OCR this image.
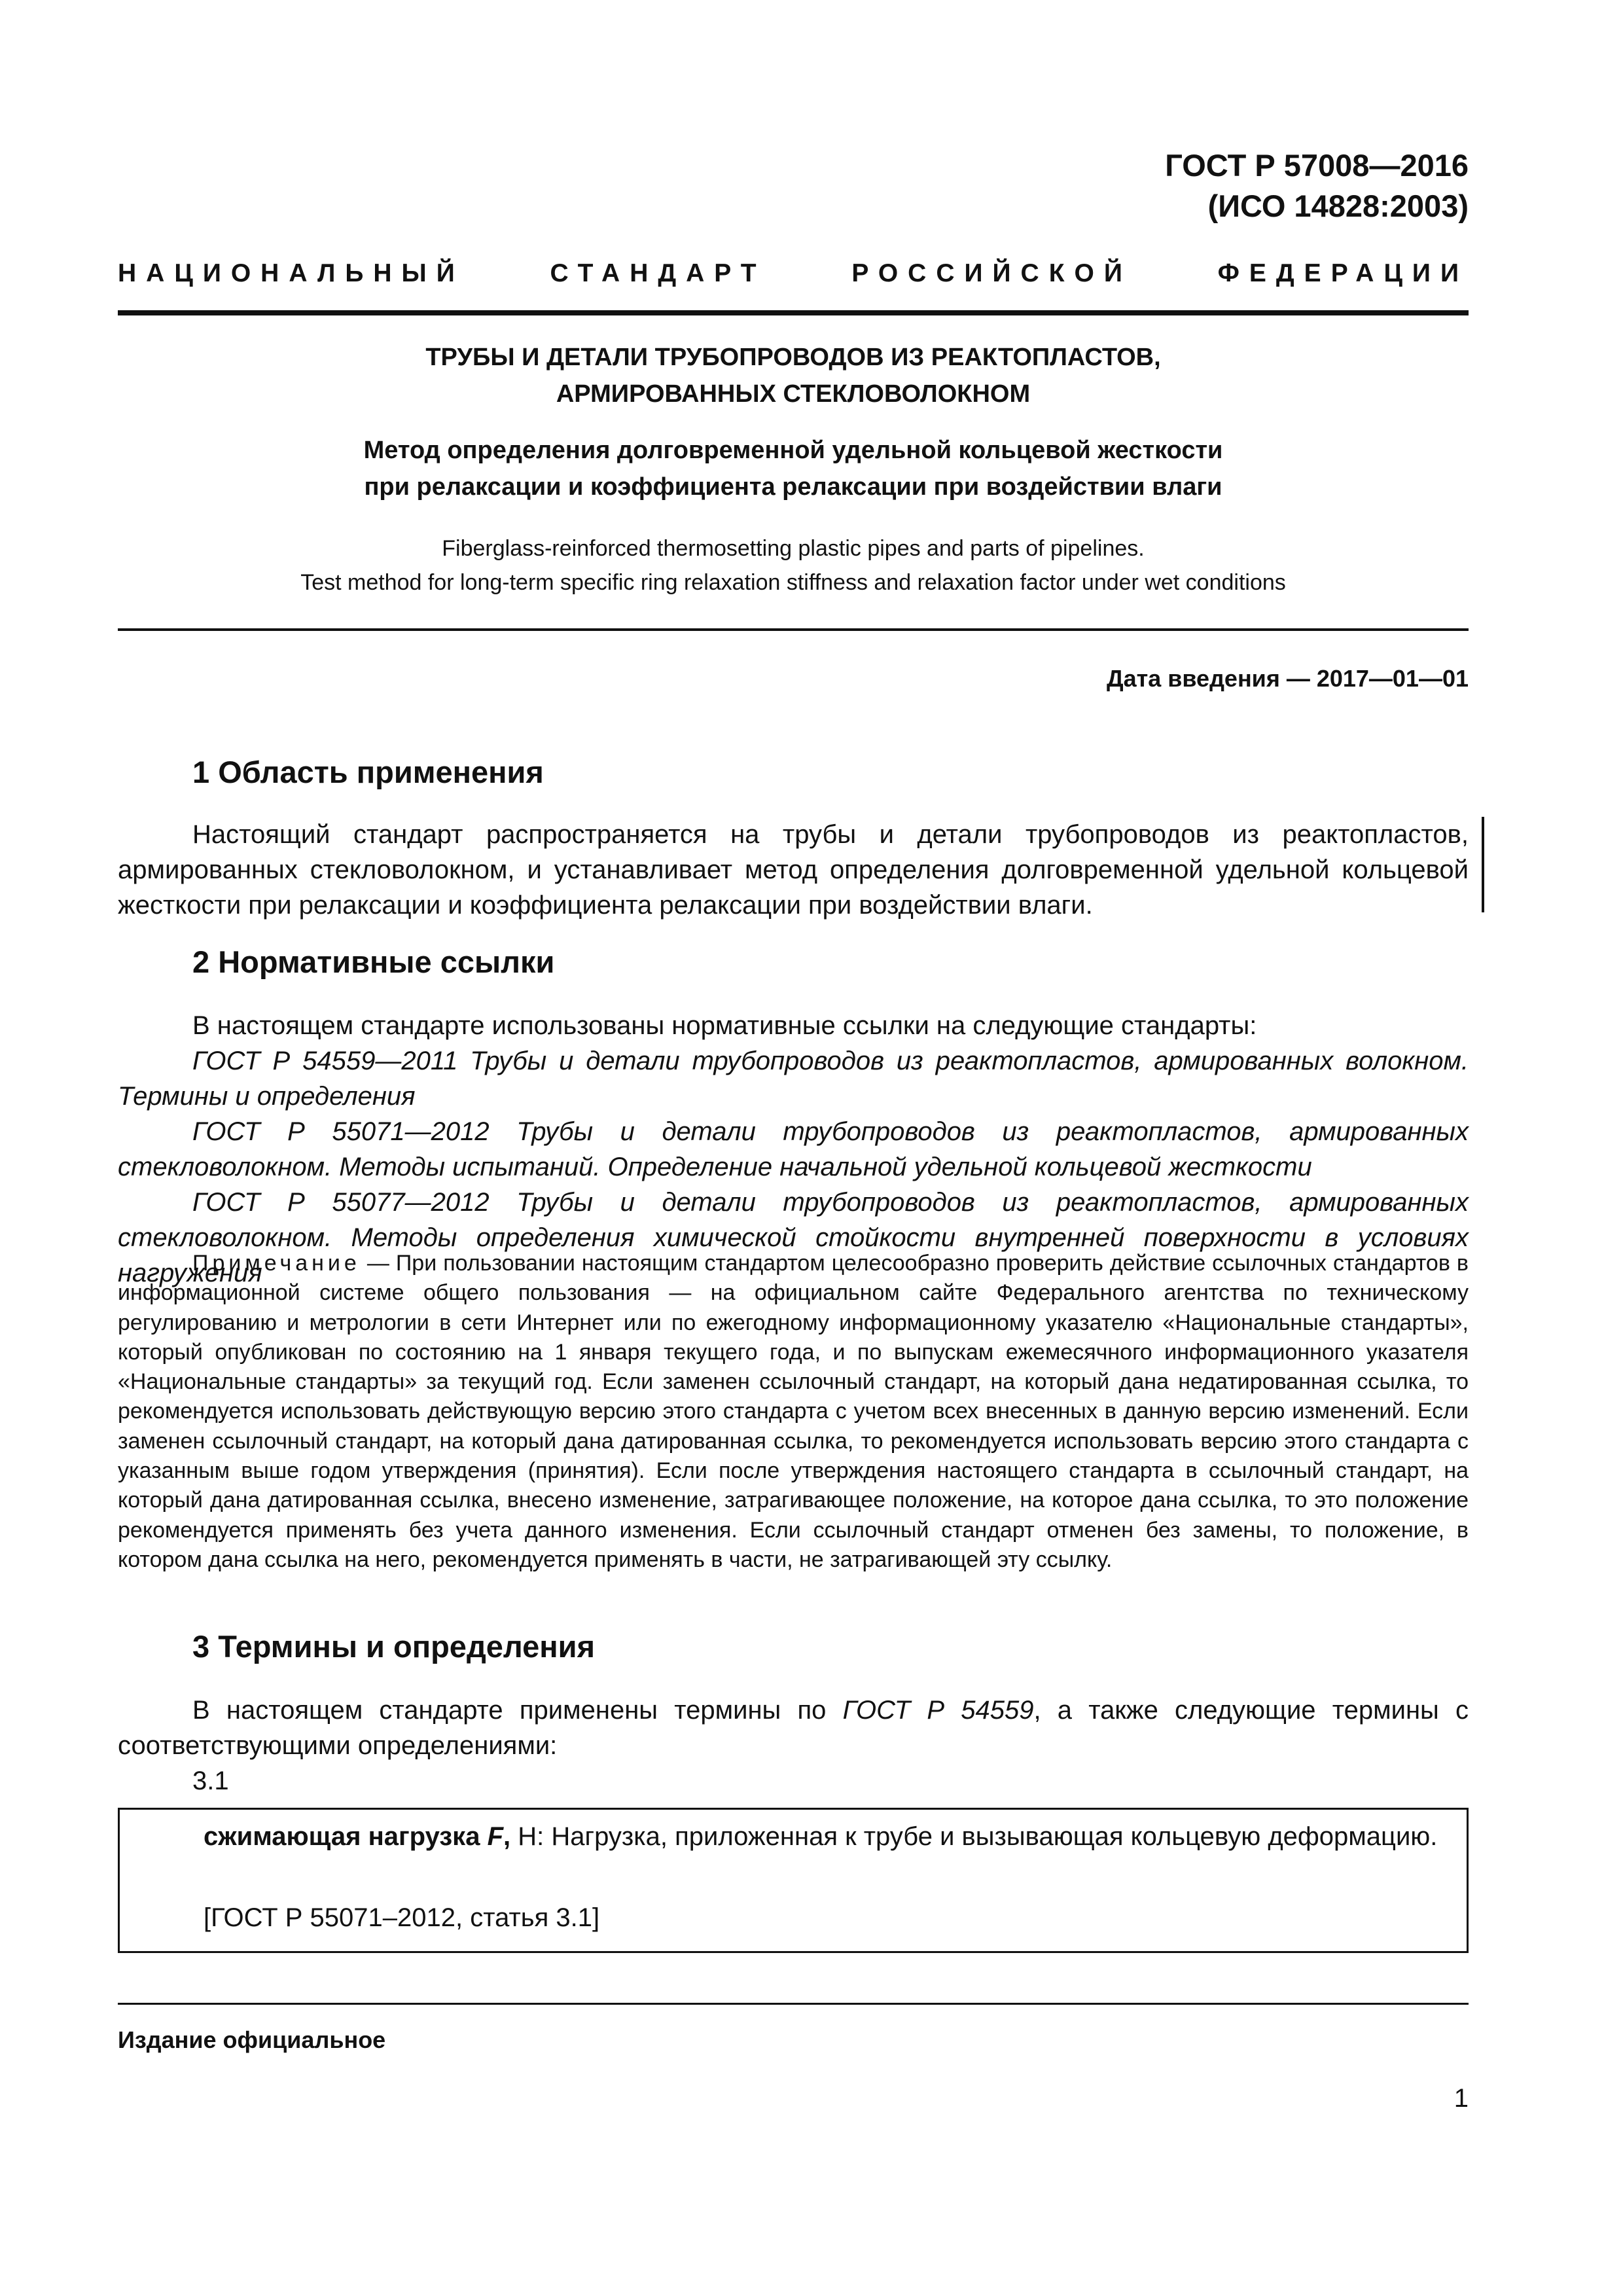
ГОСТ Р 57008—2016
(ИСО 14828:2003)
НАЦИОНАЛЬНЫЙ СТАНДАРТ РОССИЙСКОЙ ФЕДЕРАЦИИ
ТРУБЫ И ДЕТАЛИ ТРУБОПРОВОДОВ ИЗ РЕАКТОПЛАСТОВ,
АРМИРОВАННЫХ СТЕКЛОВОЛОКНОМ
Метод определения долговременной удельной кольцевой жесткости
при релаксации и коэффициента релаксации при воздействии влаги
Fiberglass-reinforced thermosetting plastic pipes and parts of pipelines.
Test method for long-term specific ring relaxation stiffness and relaxation factor under wet conditions
Дата введения — 2017—01—01
1 Область применения
Настоящий стандарт распространяется на трубы и детали трубопроводов из реактопластов, армированных стекловолокном, и устанавливает метод определения долговременной удельной кольцевой жесткости при релаксации и коэффициента релаксации при воздействии влаги.
2 Нормативные ссылки
В настоящем стандарте использованы нормативные ссылки на следующие стандарты:
ГОСТ Р 54559—2011 Трубы и детали трубопроводов из реактопластов, армированных волокном. Термины и определения
ГОСТ Р 55071—2012 Трубы и детали трубопроводов из реактопластов, армированных стекловолокном. Методы испытаний. Определение начальной удельной кольцевой жесткости
ГОСТ Р 55077—2012 Трубы и детали трубопроводов из реактопластов, армированных стекловолокном. Методы определения химической стойкости внутренней поверхности в условиях нагружения
Примечание — При пользовании настоящим стандартом целесообразно проверить действие ссылочных стандартов в информационной системе общего пользования — на официальном сайте Федерального агентства по техническому регулированию и метрологии в сети Интернет или по ежегодному информационному указателю «Национальные стандарты», который опубликован по состоянию на 1 января текущего года, и по выпускам ежемесячного информационного указателя «Национальные стандарты» за текущий год. Если заменен ссылочный стандарт, на который дана недатированная ссылка, то рекомендуется использовать действующую версию этого стандарта с учетом всех внесенных в данную версию изменений. Если заменен ссылочный стандарт, на который дана датированная ссылка, то рекомендуется использовать версию этого стандарта с указанным выше годом утверждения (принятия). Если после утверждения настоящего стандарта в ссылочный стандарт, на который дана датированная ссылка, внесено изменение, затрагивающее положение, на которое дана ссылка, то это положение рекомендуется применять без учета данного изменения. Если ссылочный стандарт отменен без замены, то положение, в котором дана ссылка на него, рекомендуется применять в части, не затрагивающей эту ссылку.
3 Термины и определения
В настоящем стандарте применены термины по ГОСТ Р 54559, а также следующие термины с соответствующими определениями:
3.1
сжимающая нагрузка F, Н: Нагрузка, приложенная к трубе и вызывающая кольцевую деформацию.
[ГОСТ Р 55071–2012, статья 3.1]
Издание официальное
1
